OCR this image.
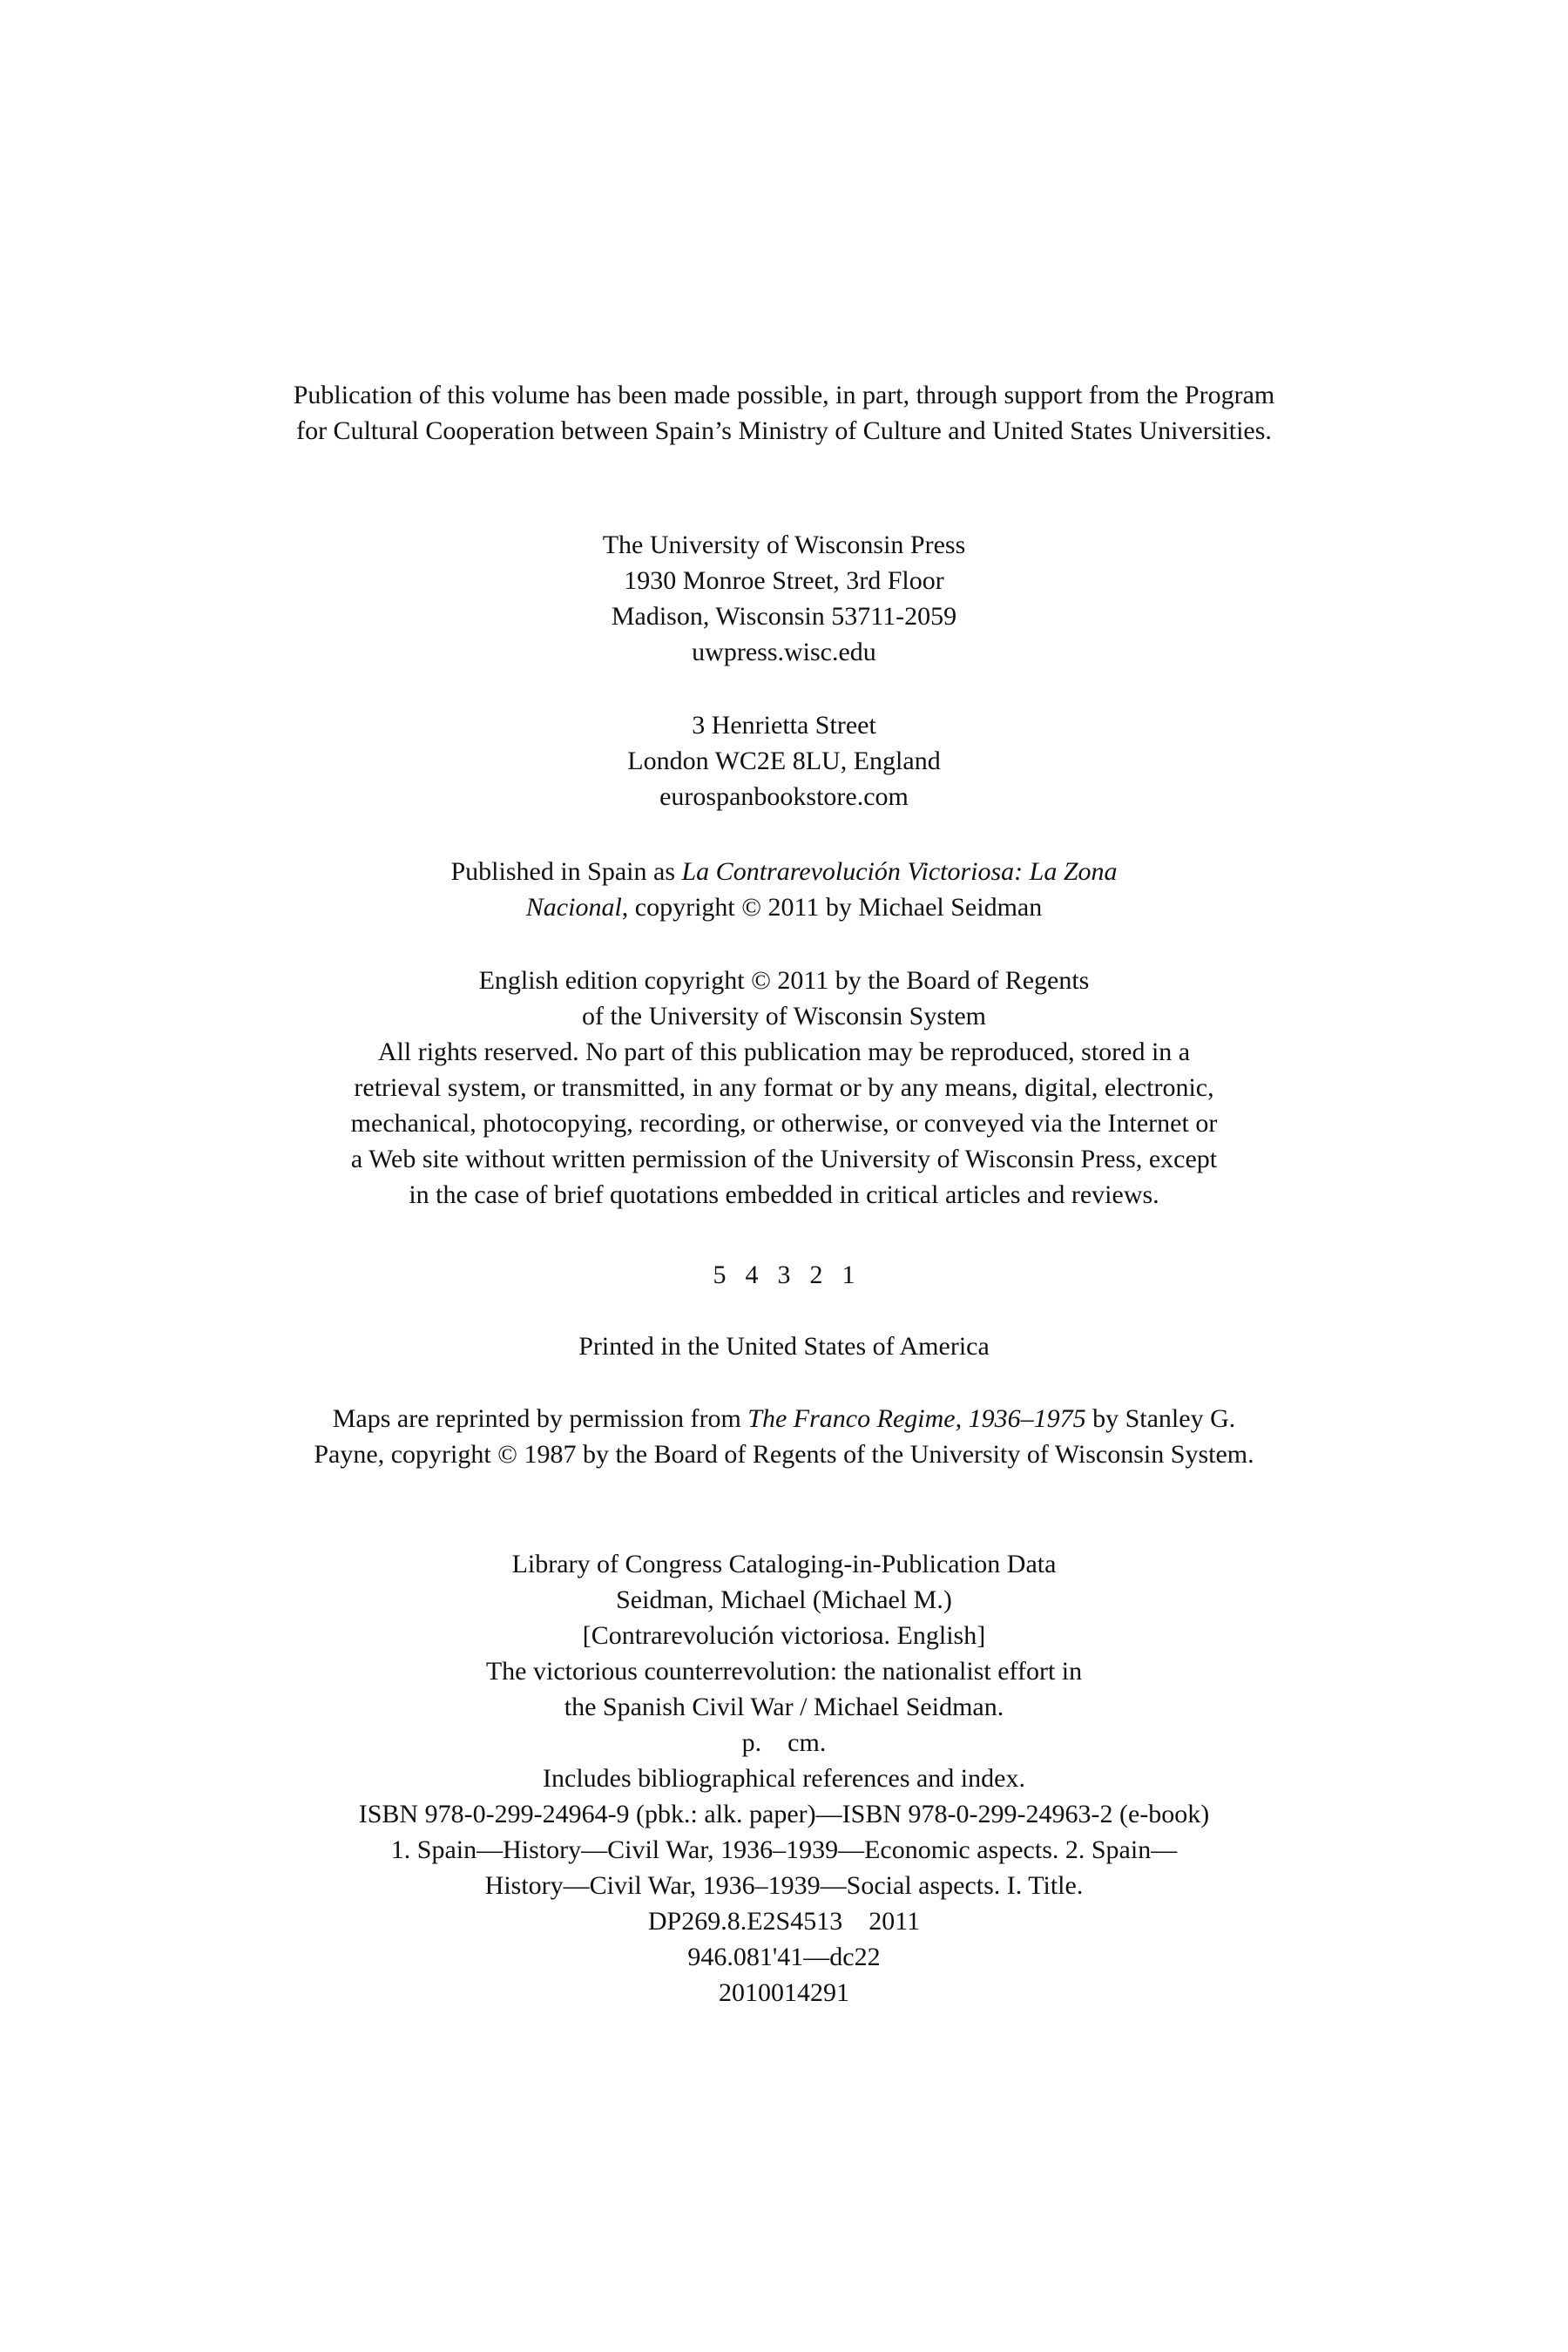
Publication of this volume has been made possible, in part, through support from the Program
for Cultural Cooperation between Spain’s Ministry of Culture and United States Universities.
The University of Wisconsin Press
1930 Monroe Street, 3rd Floor
Madison, Wisconsin 53711-2059
uwpress.wisc.edu
3 Henrietta Street
London WC2E 8LU, England
eurospanbookstore.com
Published in Spain as La Contrarevolución Victoriosa: La Zona
Nacional, copyright © 2011 by Michael Seidman
English edition copyright © 2011 by the Board of Regents
of the University of Wisconsin System
All rights reserved. No part of this publication may be reproduced, stored in a
retrieval system, or transmitted, in any format or by any means, digital, electronic,
mechanical, photocopying, recording, or otherwise, or conveyed via the Internet or
a Web site without written permission of the University of Wisconsin Press, except
in the case of brief quotations embedded in critical articles and reviews.
5 4 3 2 1
Printed in the United States of America
Maps are reprinted by permission from The Franco Regime, 1936–1975 by Stanley G.
Payne, copyright © 1987 by the Board of Regents of the University of Wisconsin System.
Library of Congress Cataloging-in-Publication Data
Seidman, Michael (Michael M.)
[Contrarevolución victoriosa. English]
The victorious counterrevolution: the nationalist effort in
the Spanish Civil War / Michael Seidman.
p.    cm.
Includes bibliographical references and index.
ISBN 978-0-299-24964-9 (pbk.: alk. paper)—ISBN 978-0-299-24963-2 (e-book)
1. Spain—History—Civil War, 1936–1939—Economic aspects. 2. Spain—
History—Civil War, 1936–1939—Social aspects. I. Title.
DP269.8.E2S4513    2011
946.081'41—dc22
2010014291
